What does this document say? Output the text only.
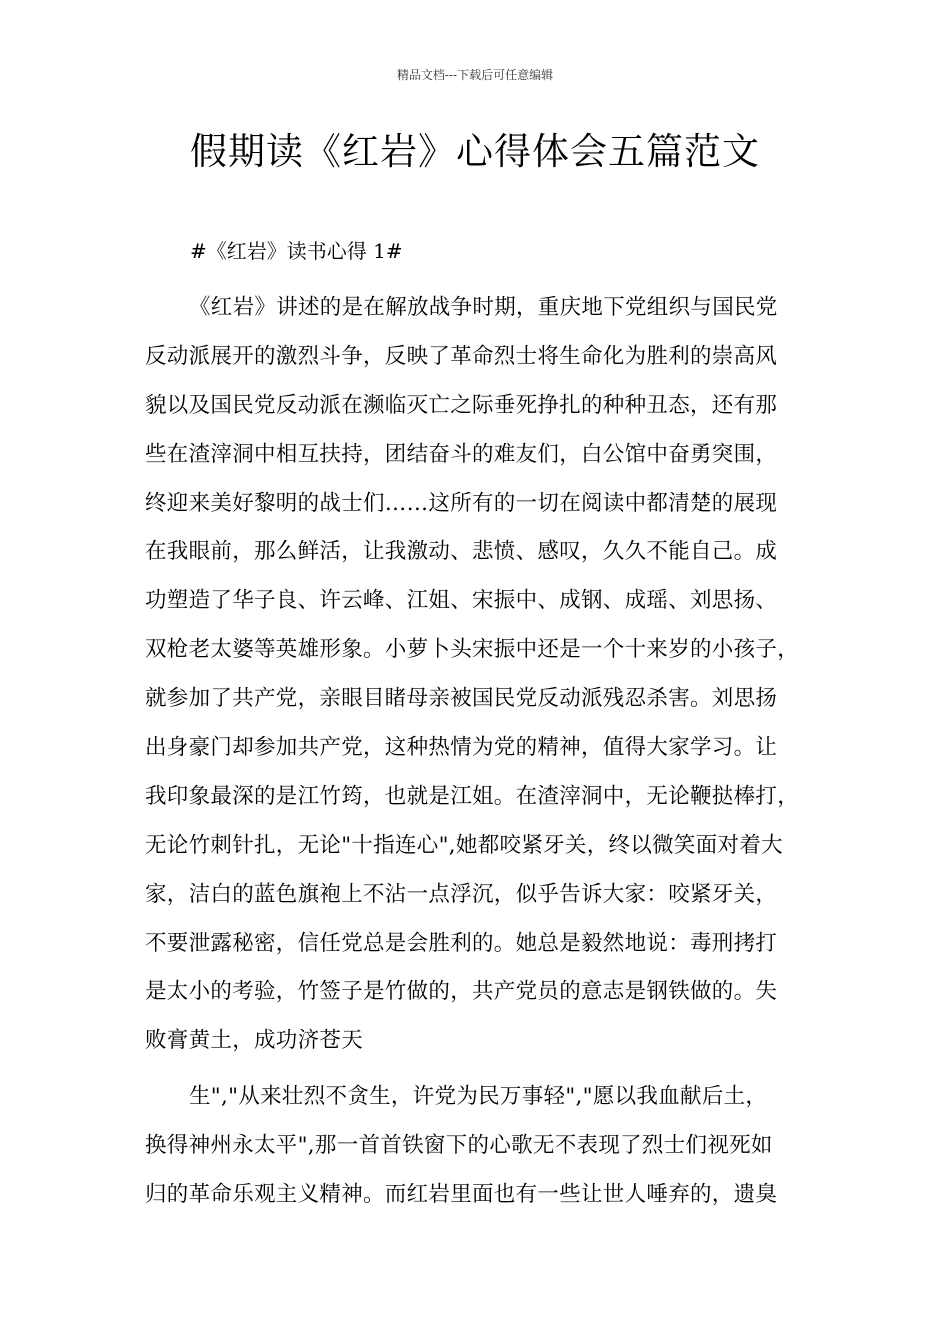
精品文档---下载后可任意编辑
假期读《红岩》心得体会五篇范文
#《红岩》读书心得 1#
《红岩》讲述的是在解放战争时期，重庆地下党组织与国民党
反动派展开的激烈斗争，反映了革命烈士将生命化为胜利的崇高风
貌以及国民党反动派在濒临灭亡之际垂死挣扎的种种丑态，还有那
些在渣滓洞中相互扶持，团结奋斗的难友们，白公馆中奋勇突围，
终迎来美好黎明的战士们……这所有的一切在阅读中都清楚的展现
在我眼前，那么鲜活，让我激动、悲愤、感叹，久久不能自己。成
功塑造了华子良、许云峰、江姐、宋振中、成钢、成瑶、刘思扬、
双枪老太婆等英雄形象。小萝卜头宋振中还是一个十来岁的小孩子，
就参加了共产党，亲眼目睹母亲被国民党反动派残忍杀害。刘思扬
出身豪门却参加共产党，这种热情为党的精神，值得大家学习。让
我印象最深的是江竹筠，也就是江姐。在渣滓洞中，无论鞭挞棒打，
无论竹刺针扎，无论"十指连心",她都咬紧牙关，终以微笑面对着大
家，洁白的蓝色旗袍上不沾一点浮沉，似乎告诉大家：咬紧牙关，
不要泄露秘密，信任党总是会胜利的。她总是毅然地说：毒刑拷打
是太小的考验，竹签子是竹做的，共产党员的意志是钢铁做的。失
败膏黄土，成功济苍天
生","从来壮烈不贪生，许党为民万事轻","愿以我血献后土，
换得神州永太平",那一首首铁窗下的心歌无不表现了烈士们视死如
归的革命乐观主义精神。而红岩里面也有一些让世人唾弃的，遗臭
